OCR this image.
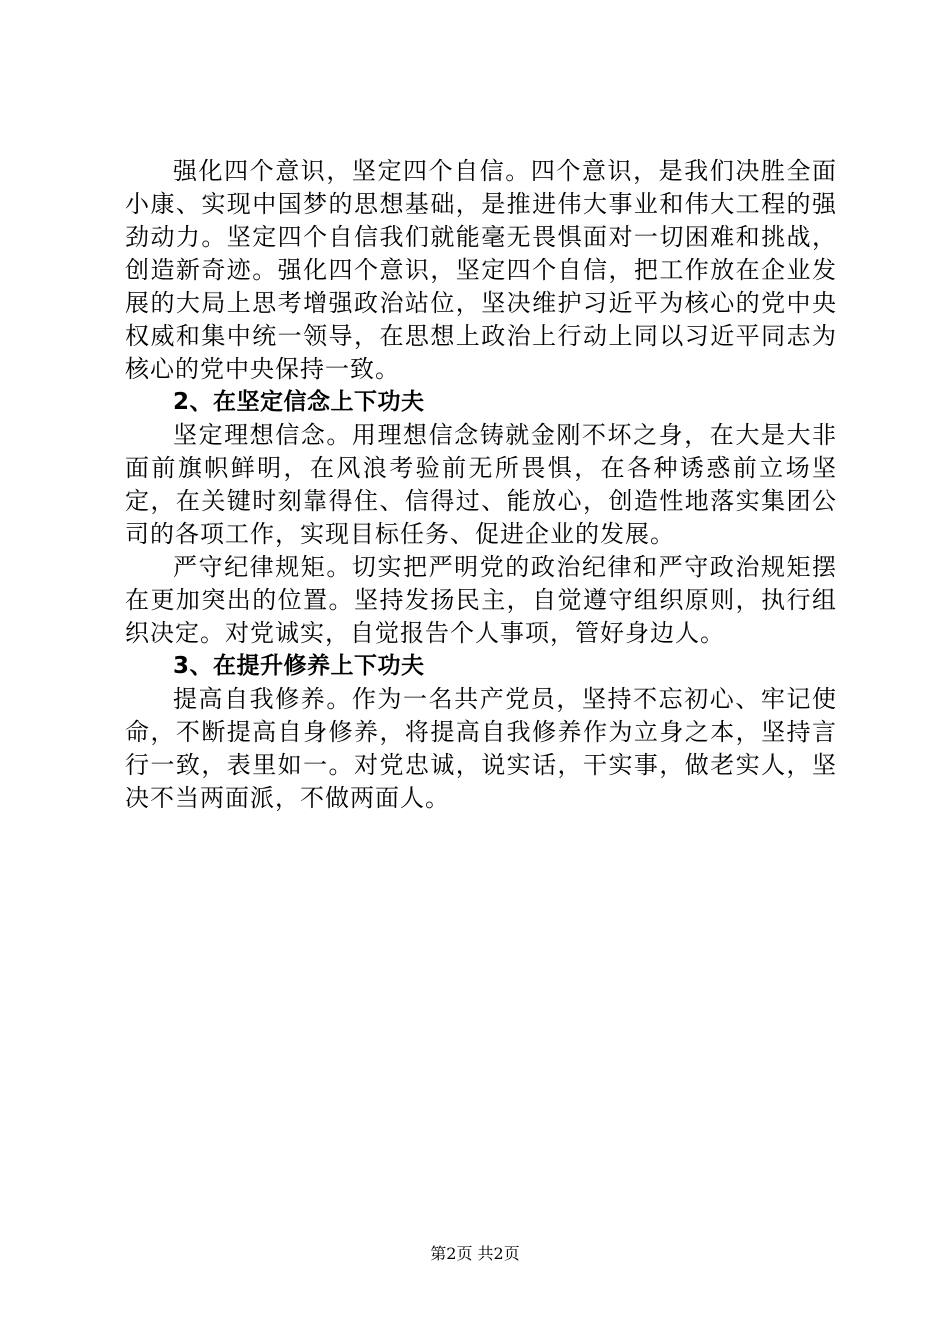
强化四个意识，坚定四个自信。四个意识，是我们决胜全面小康、实现中国梦的思想基础，是推进伟大事业和伟大工程的强劲动力。坚定四个自信我们就能毫无畏惧面对一切困难和挑战，创造新奇迹。强化四个意识，坚定四个自信，把工作放在企业发展的大局上思考增强政治站位，坚决维护习近平为核心的党中央权威和集中统一领导，在思想上政治上行动上同以习近平同志为核心的党中央保持一致。

2、在坚定信念上下功夫

坚定理想信念。用理想信念铸就金刚不坏之身，在大是大非面前旗帜鲜明，在风浪考验前无所畏惧，在各种诱惑前立场坚定，在关键时刻靠得住、信得过、能放心，创造性地落实集团公司的各项工作，实现目标任务、促进企业的发展。

严守纪律规矩。切实把严明党的政治纪律和严守政治规矩摆在更加突出的位置。坚持发扬民主，自觉遵守组织原则，执行组织决定。对党诚实，自觉报告个人事项，管好身边人。

3、在提升修养上下功夫

提高自我修养。作为一名共产党员，坚持不忘初心、牢记使命，不断提高自身修养，将提高自我修养作为立身之本，坚持言行一致，表里如一。对党忠诚，说实话，干实事，做老实人，坚决不当两面派，不做两面人。

第2页 共2页
